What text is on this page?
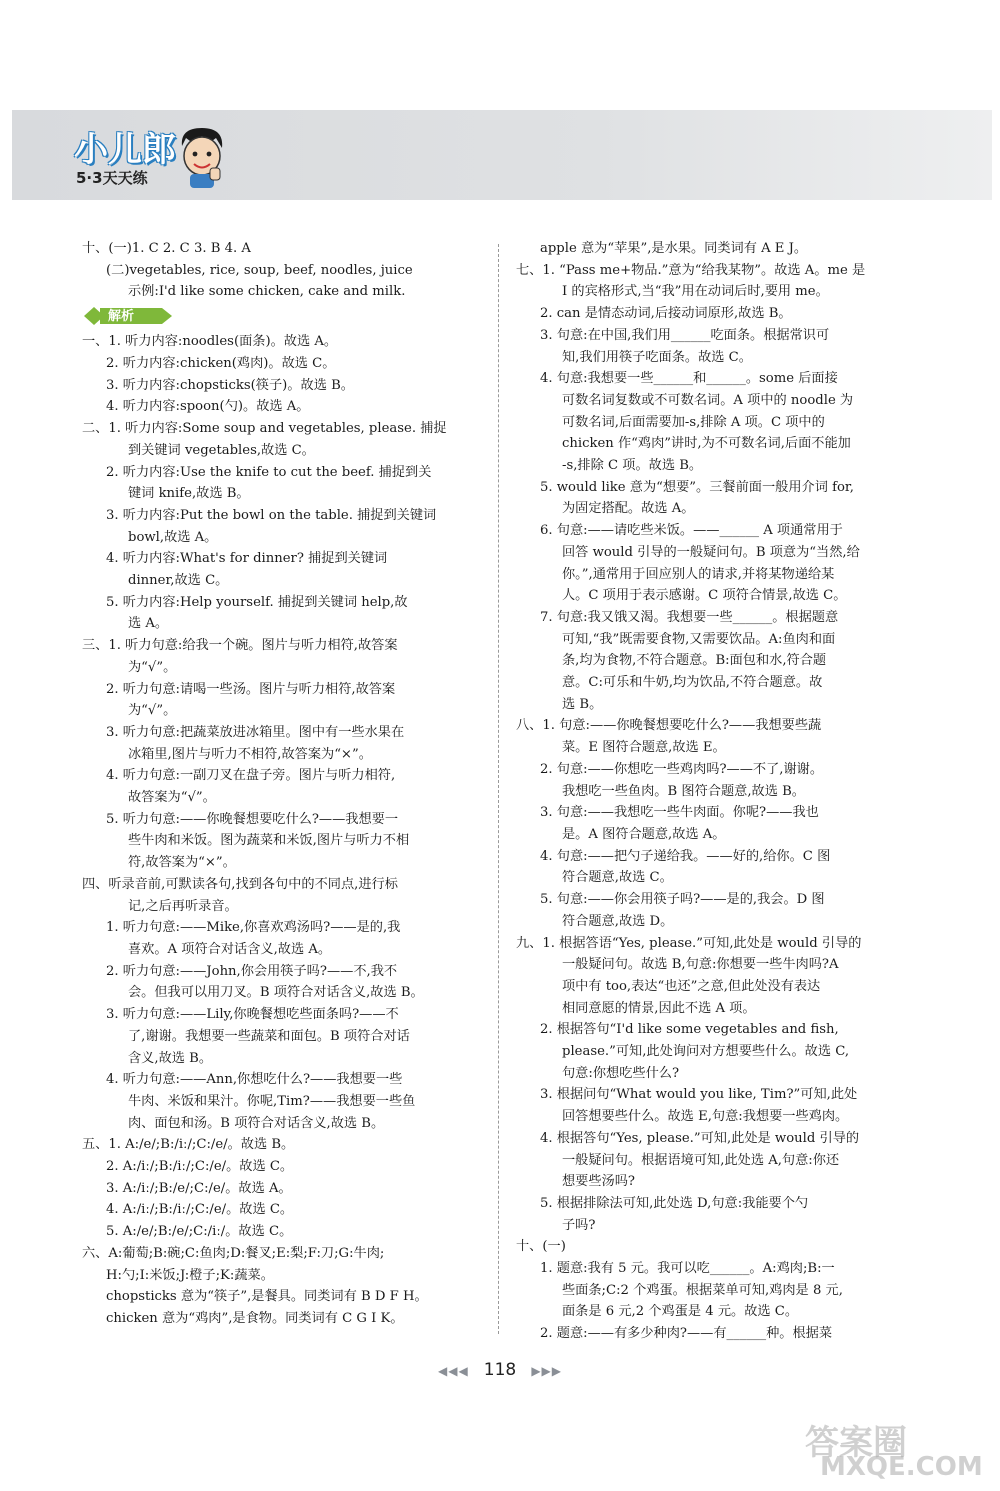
小儿郎
5·3天天练
十、(一)1. C 2. C 3. B 4. A
(二)vegetables, rice, soup, beef, noodles, juice
示例:I'd like some chicken, cake and milk.
解析
一、1. 听力内容:noodles(面条)。故选 A。
2. 听力内容:chicken(鸡肉)。故选 C。
3. 听力内容:chopsticks(筷子)。故选 B。
4. 听力内容:spoon(勺)。故选 A。
二、1. 听力内容:Some soup and vegetables, please. 捕捉
到关键词 vegetables,故选 C。
2. 听力内容:Use the knife to cut the beef. 捕捉到关
键词 knife,故选 B。
3. 听力内容:Put the bowl on the table. 捕捉到关键词
bowl,故选 A。
4. 听力内容:What's for dinner? 捕捉到关键词
dinner,故选 C。
5. 听力内容:Help yourself. 捕捉到关键词 help,故
选 A。
三、1. 听力句意:给我一个碗。图片与听力相符,故答案
为“√”。
2. 听力句意:请喝一些汤。图片与听力相符,故答案
为“√”。
3. 听力句意:把蔬菜放进冰箱里。图中有一些水果在
冰箱里,图片与听力不相符,故答案为“×”。
4. 听力句意:一副刀叉在盘子旁。图片与听力相符,
故答案为“√”。
5. 听力句意:——你晚餐想要吃什么?——我想要一
些牛肉和米饭。图为蔬菜和米饭,图片与听力不相
符,故答案为“×”。
四、听录音前,可默读各句,找到各句中的不同点,进行标
记,之后再听录音。
1. 听力句意:——Mike,你喜欢鸡汤吗?——是的,我
喜欢。A 项符合对话含义,故选 A。
2. 听力句意:——John,你会用筷子吗?——不,我不
会。但我可以用刀叉。B 项符合对话含义,故选 B。
3. 听力句意:——Lily,你晚餐想吃些面条吗?——不
了,谢谢。我想要一些蔬菜和面包。B 项符合对话
含义,故选 B。
4. 听力句意:——Ann,你想吃什么?——我想要一些
牛肉、米饭和果汁。你呢,Tim?——我想要一些鱼
肉、面包和汤。B 项符合对话含义,故选 B。
五、1. A:/e/;B:/iː/;C:/e/。故选 B。
2. A:/iː/;B:/iː/;C:/e/。故选 C。
3. A:/iː/;B:/e/;C:/e/。故选 A。
4. A:/iː/;B:/iː/;C:/e/。故选 C。
5. A:/e/;B:/e/;C:/iː/。故选 C。
六、A:葡萄;B:碗;C:鱼肉;D:餐叉;E:梨;F:刀;G:牛肉;
H:勺;I:米饭;J:橙子;K:蔬菜。
chopsticks 意为“筷子”,是餐具。同类词有 B D F H。
chicken 意为“鸡肉”,是食物。同类词有 C G I K。
apple 意为“苹果”,是水果。同类词有 A E J。
七、1. “Pass me+物品.”意为“给我某物”。故选 A。me 是
I 的宾格形式,当“我”用在动词后时,要用 me。
2. can 是情态动词,后接动词原形,故选 B。
3. 句意:在中国,我们用______吃面条。根据常识可
知,我们用筷子吃面条。故选 C。
4. 句意:我想要一些______和______。some 后面接
可数名词复数或不可数名词。A 项中的 noodle 为
可数名词,后面需要加-s,排除 A 项。C 项中的
chicken 作“鸡肉”讲时,为不可数名词,后面不能加
-s,排除 C 项。故选 B。
5. would like 意为“想要”。三餐前面一般用介词 for,
为固定搭配。故选 A。
6. 句意:——请吃些米饭。——______ A 项通常用于
回答 would 引导的一般疑问句。B 项意为“当然,给
你。”,通常用于回应别人的请求,并将某物递给某
人。C 项用于表示感谢。C 项符合情景,故选 C。
7. 句意:我又饿又渴。我想要一些______。根据题意
可知,“我”既需要食物,又需要饮品。A:鱼肉和面
条,均为食物,不符合题意。B:面包和水,符合题
意。C:可乐和牛奶,均为饮品,不符合题意。故
选 B。
八、1. 句意:——你晚餐想要吃什么?——我想要些蔬
菜。E 图符合题意,故选 E。
2. 句意:——你想吃一些鸡肉吗?——不了,谢谢。
我想吃一些鱼肉。B 图符合题意,故选 B。
3. 句意:——我想吃一些牛肉面。你呢?——我也
是。A 图符合题意,故选 A。
4. 句意:——把勺子递给我。——好的,给你。C 图
符合题意,故选 C。
5. 句意:——你会用筷子吗?——是的,我会。D 图
符合题意,故选 D。
九、1. 根据答语“Yes, please.”可知,此处是 would 引导的
一般疑问句。故选 B,句意:你想要一些牛肉吗?A
项中有 too,表达“也还”之意,但此处没有表达
相同意愿的情景,因此不选 A 项。
2. 根据答句“I'd like some vegetables and fish,
please.”可知,此处询问对方想要些什么。故选 C,
句意:你想吃些什么?
3. 根据问句“What would you like, Tim?”可知,此处
回答想要些什么。故选 E,句意:我想要一些鸡肉。
4. 根据答句“Yes, please.”可知,此处是 would 引导的
一般疑问句。根据语境可知,此处选 A,句意:你还
想要些汤吗?
5. 根据排除法可知,此处选 D,句意:我能要个勺
子吗?
十、(一)
1. 题意:我有 5 元。我可以吃______。A:鸡肉;B:一
些面条;C:2 个鸡蛋。根据菜单可知,鸡肉是 8 元,
面条是 6 元,2 个鸡蛋是 4 元。故选 C。
2. 题意:——有多少种肉?——有______种。根据菜
◀◀◀ 118 ▶▶▶
答案圈
MXQE.COM
